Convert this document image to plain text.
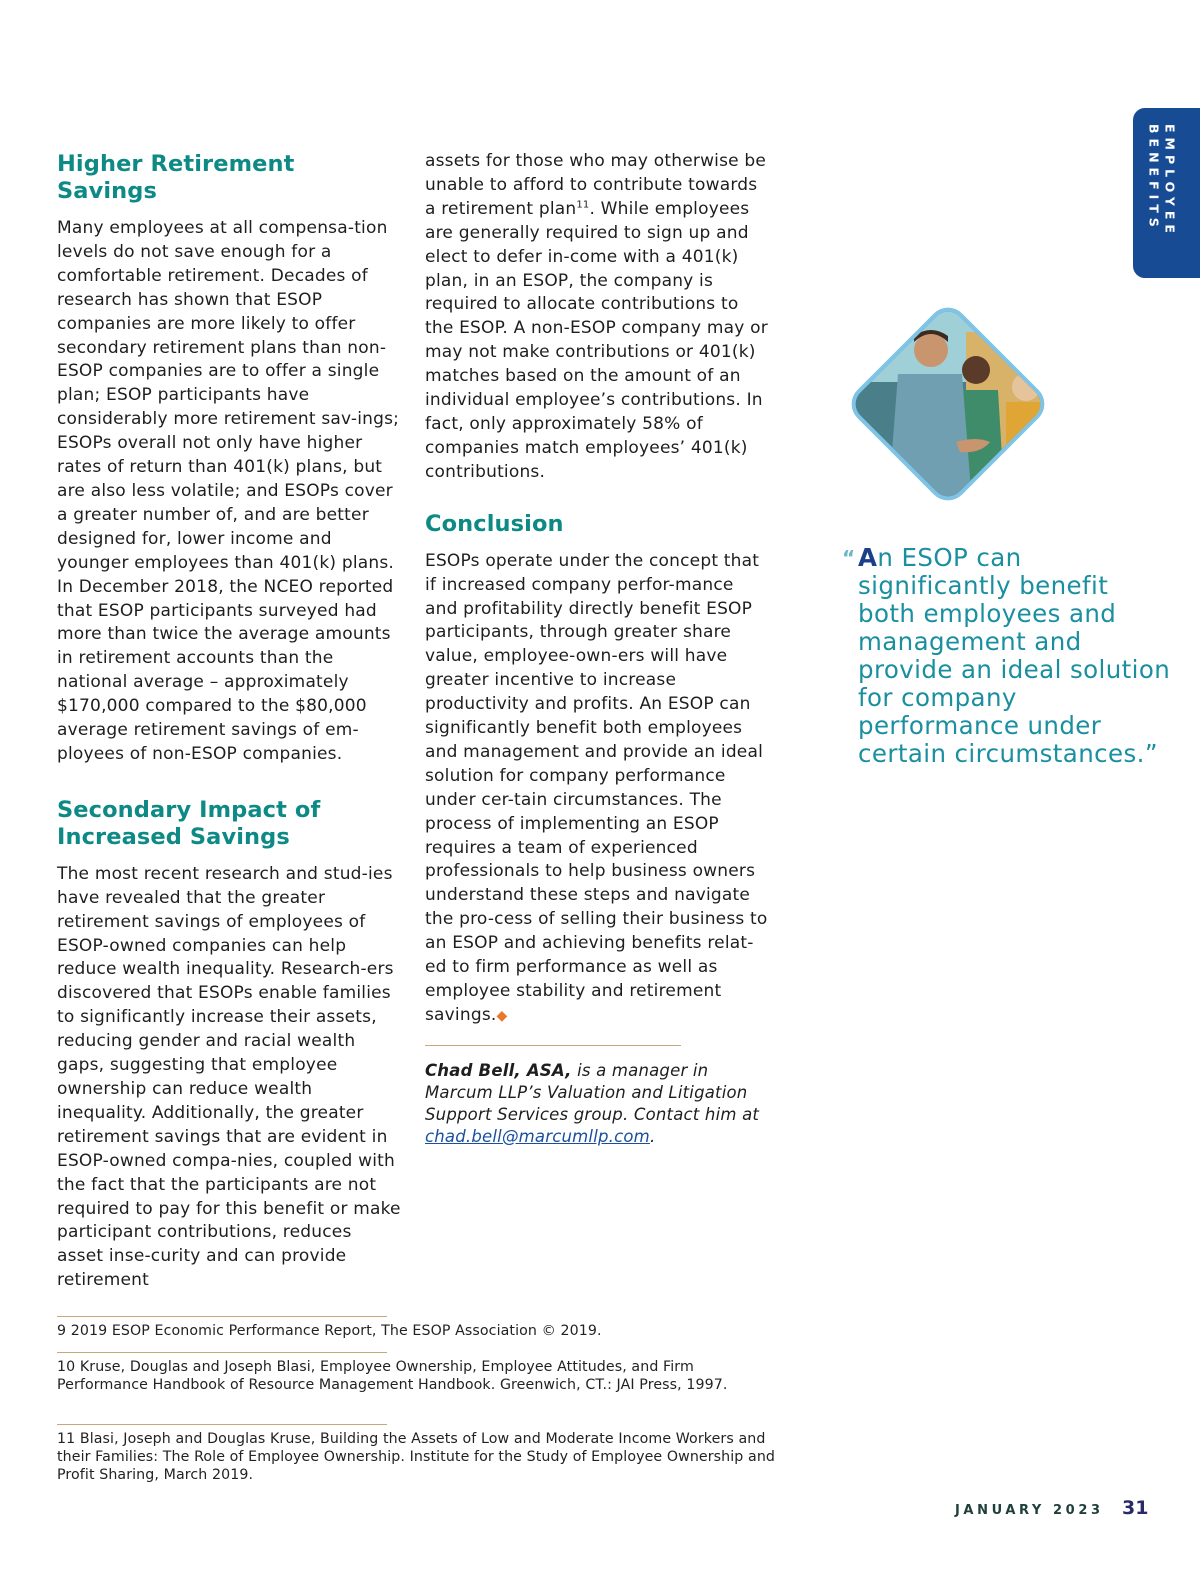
Higher Retirement Savings

Many employees at all compensa-tion levels do not save enough for a comfortable retirement. Decades of research has shown that ESOP companies are more likely to offer secondary retirement plans than non-ESOP companies are to offer a single plan; ESOP participants have considerably more retirement sav-ings; ESOPs overall not only have higher rates of return than 401(k) plans, but are also less volatile; and ESOPs cover a greater number of, and are better designed for, lower income and younger employees than 401(k) plans. In December 2018, the NCEO reported that ESOP participants surveyed had more than twice the average amounts in retirement accounts than the national average – approximately $170,000 compared to the $80,000 average retirement savings of em-ployees of non-ESOP companies.

Secondary Impact of Increased Savings

The most recent research and stud-ies have revealed that the greater retirement savings of employees of ESOP-owned companies can help reduce wealth inequality. Research-ers discovered that ESOPs enable families to significantly increase their assets, reducing gender and racial wealth gaps, suggesting that employee ownership can reduce wealth inequality. Additionally, the greater retirement savings that are evident in ESOP-owned compa-nies, coupled with the fact that the participants are not required to pay for this benefit or make participant contributions, reduces asset inse-curity and can provide retirement

assets for those who may otherwise be unable to afford to contribute towards a retirement plan$^{11}$. While employees are generally required to sign up and elect to defer in-come with a 401(k) plan, in an ESOP, the company is required to allocate contributions to the ESOP. A non-ESOP company may or may not make contributions or 401(k) matches based on the amount of an individual employee’s contributions. In fact, only approximately 58% of companies match employees’ 401(k) contributions.

Conclusion

ESOPs operate under the concept that if increased company perfor-mance and profitability directly benefit ESOP participants, through greater share value, employee-own-ers will have greater incentive to increase productivity and profits. An ESOP can significantly benefit both employees and management and provide an ideal solution for company performance under cer-tain circumstances. The process of implementing an ESOP requires a team of experienced professionals to help business owners understand these steps and navigate the pro-cess of selling their business to an ESOP and achieving benefits relat-ed to firm performance as well as employee stability and retirement savings.◆

Chad Bell, ASA, is a manager in Marcum LLP’s Valuation and Litigation Support Services group. Contact him at chad.bell@marcumllp.com.

EMPLOYEE
BENEFITS
“ An ESOP can significantly benefit both employees and management and provide an ideal solution for company performance under certain circumstances.”

9 2019 ESOP Economic Performance Report, The ESOP Association © 2019.

10 Kruse, Douglas and Joseph Blasi, Employee Ownership, Employee Attitudes, and Firm Performance Handbook of Resource Management Handbook. Greenwich, CT.: JAI Press, 1997.

11 Blasi, Joseph and Douglas Kruse, Building the Assets of Low and Moderate Income Workers and their Families: The Role of Employee Ownership. Institute for the Study of Employee Ownership and Profit Sharing, March 2019.

JANUARY 2023 31
